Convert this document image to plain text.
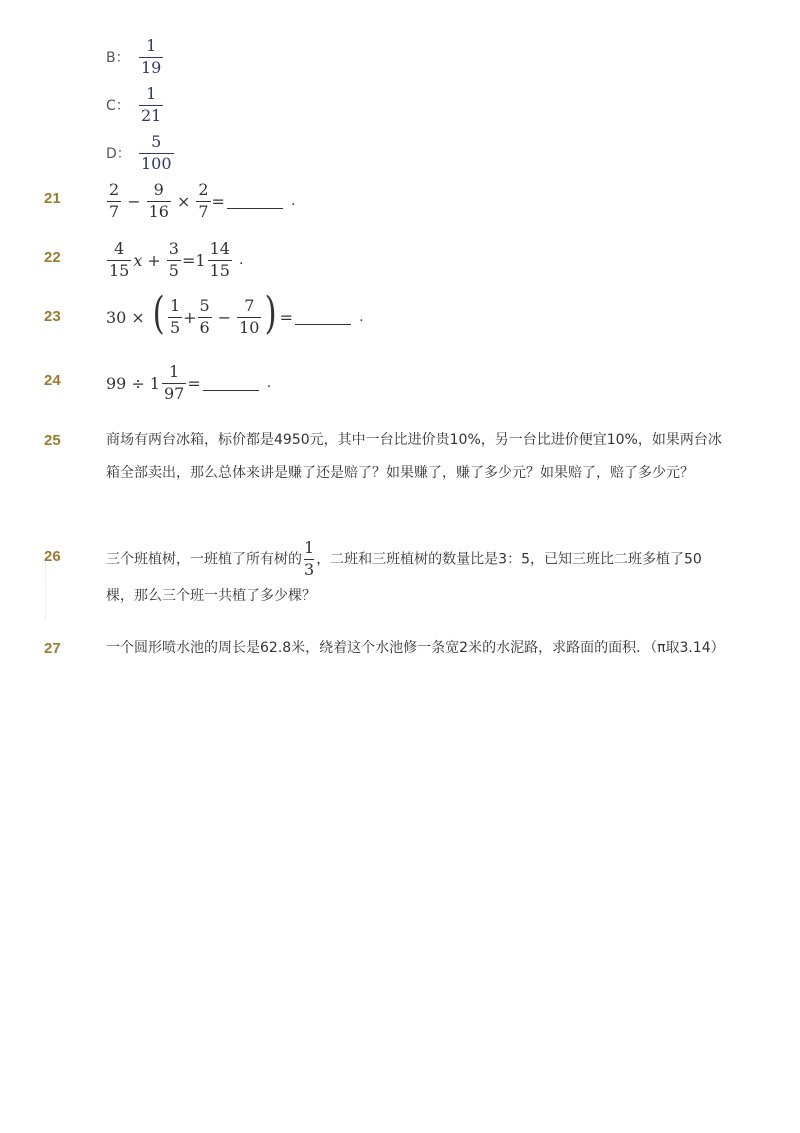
B： $\frac{1}{19}$
C： $\frac{1}{21}$
D： $\frac{5}{100}$
21	$\frac{2}{7} - \frac{9}{16} \times \frac{2}{7}$ =	.
22	$\frac{4}{15}$ $x + \frac{3}{5} = 1 \frac{14}{15}$ .
23	30 × ( $\frac{1}{5} + \frac{5}{6} - \frac{7}{10}$ ) =	.
24	$99 \div 1 \frac{1}{97}$ =	.
25	商场有两台冰箱，标价都是4950元，其中一台比进价贵10%，另一台比进价便宜10%，如果两台冰箱全部卖出，那么总体来讲是赚了还是赔了？如果赚了，赚了多少元？如果赔了，赔了多少元？
26	三个班植树，一班植了所有树的 $\frac{1}{3}$ ，二班和三班植树的数量比是3：5，已知三班比二班多植了50棵，那么三个班一共植了多少棵？
27	一个圆形喷水池的周长是62.8米，绕着这个水池修一条宽2米的水泥路，求路面的面积．（π取3.14）
